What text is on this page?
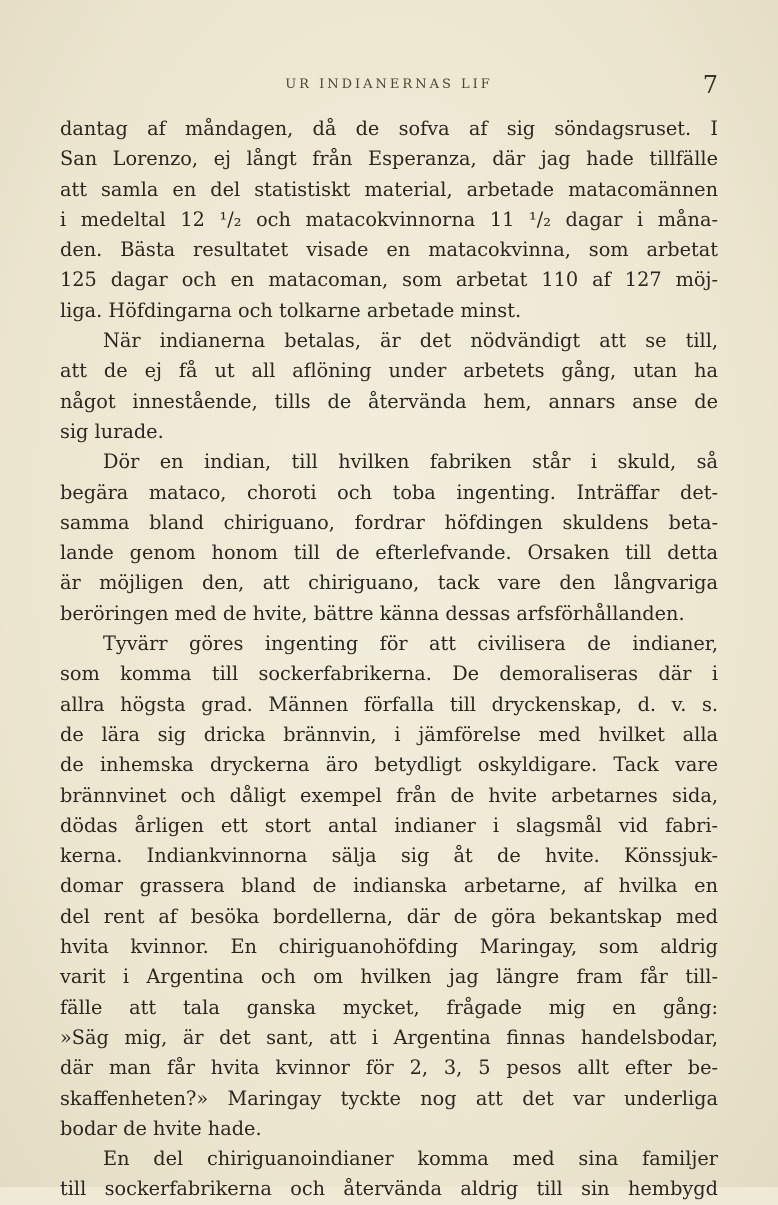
UR INDIANERNAS LIF	7
dantag af måndagen, då de sofva af sig söndagsruset. I
San Lorenzo, ej långt från Esperanza, där jag hade tillfälle
att samla en del statistiskt material, arbetade matacomännen
i medeltal 12 ¹/₂ och matacokvinnorna 11 ¹/₂ dagar i måna-
den. Bästa resultatet visade en matacokvinna, som arbetat
125 dagar och en matacoman, som arbetat 110 af 127 möj-
liga. Höfdingarna och tolkarne arbetade minst.
När indianerna betalas, är det nödvändigt att se till,
att de ej få ut all aflöning under arbetets gång, utan ha
något innestående, tills de återvända hem, annars anse de
sig lurade.
Dör en indian, till hvilken fabriken står i skuld, så
begära mataco, choroti och toba ingenting. Inträffar det-
samma bland chiriguano, fordrar höfdingen skuldens beta-
lande genom honom till de efterlefvande. Orsaken till detta
är möjligen den, att chiriguano, tack vare den långvariga
beröringen med de hvite, bättre känna dessas arfsförhållanden.
Tyvärr göres ingenting för att civilisera de indianer,
som komma till sockerfabrikerna. De demoraliseras där i
allra högsta grad. Männen förfalla till dryckenskap, d. v. s.
de lära sig dricka brännvin, i jämförelse med hvilket alla
de inhemska dryckerna äro betydligt oskyldigare. Tack vare
brännvinet och dåligt exempel från de hvite arbetarnes sida,
dödas årligen ett stort antal indianer i slagsmål vid fabri-
kerna. Indiankvinnorna sälja sig åt de hvite. Könssjuk-
domar grassera bland de indianska arbetarne, af hvilka en
del rent af besöka bordellerna, där de göra bekantskap med
hvita kvinnor. En chiriguanohöfding Maringay, som aldrig
varit i Argentina och om hvilken jag längre fram får till-
fälle att tala ganska mycket, frågade mig en gång:
»Säg mig, är det sant, att i Argentina finnas handelsbodar,
där man får hvita kvinnor för 2, 3, 5 pesos allt efter be-
skaffenheten?» Maringay tyckte nog att det var underliga
bodar de hvite hade.
En del chiriguanoindianer komma med sina familjer
till sockerfabrikerna och återvända aldrig till sin hembygd
